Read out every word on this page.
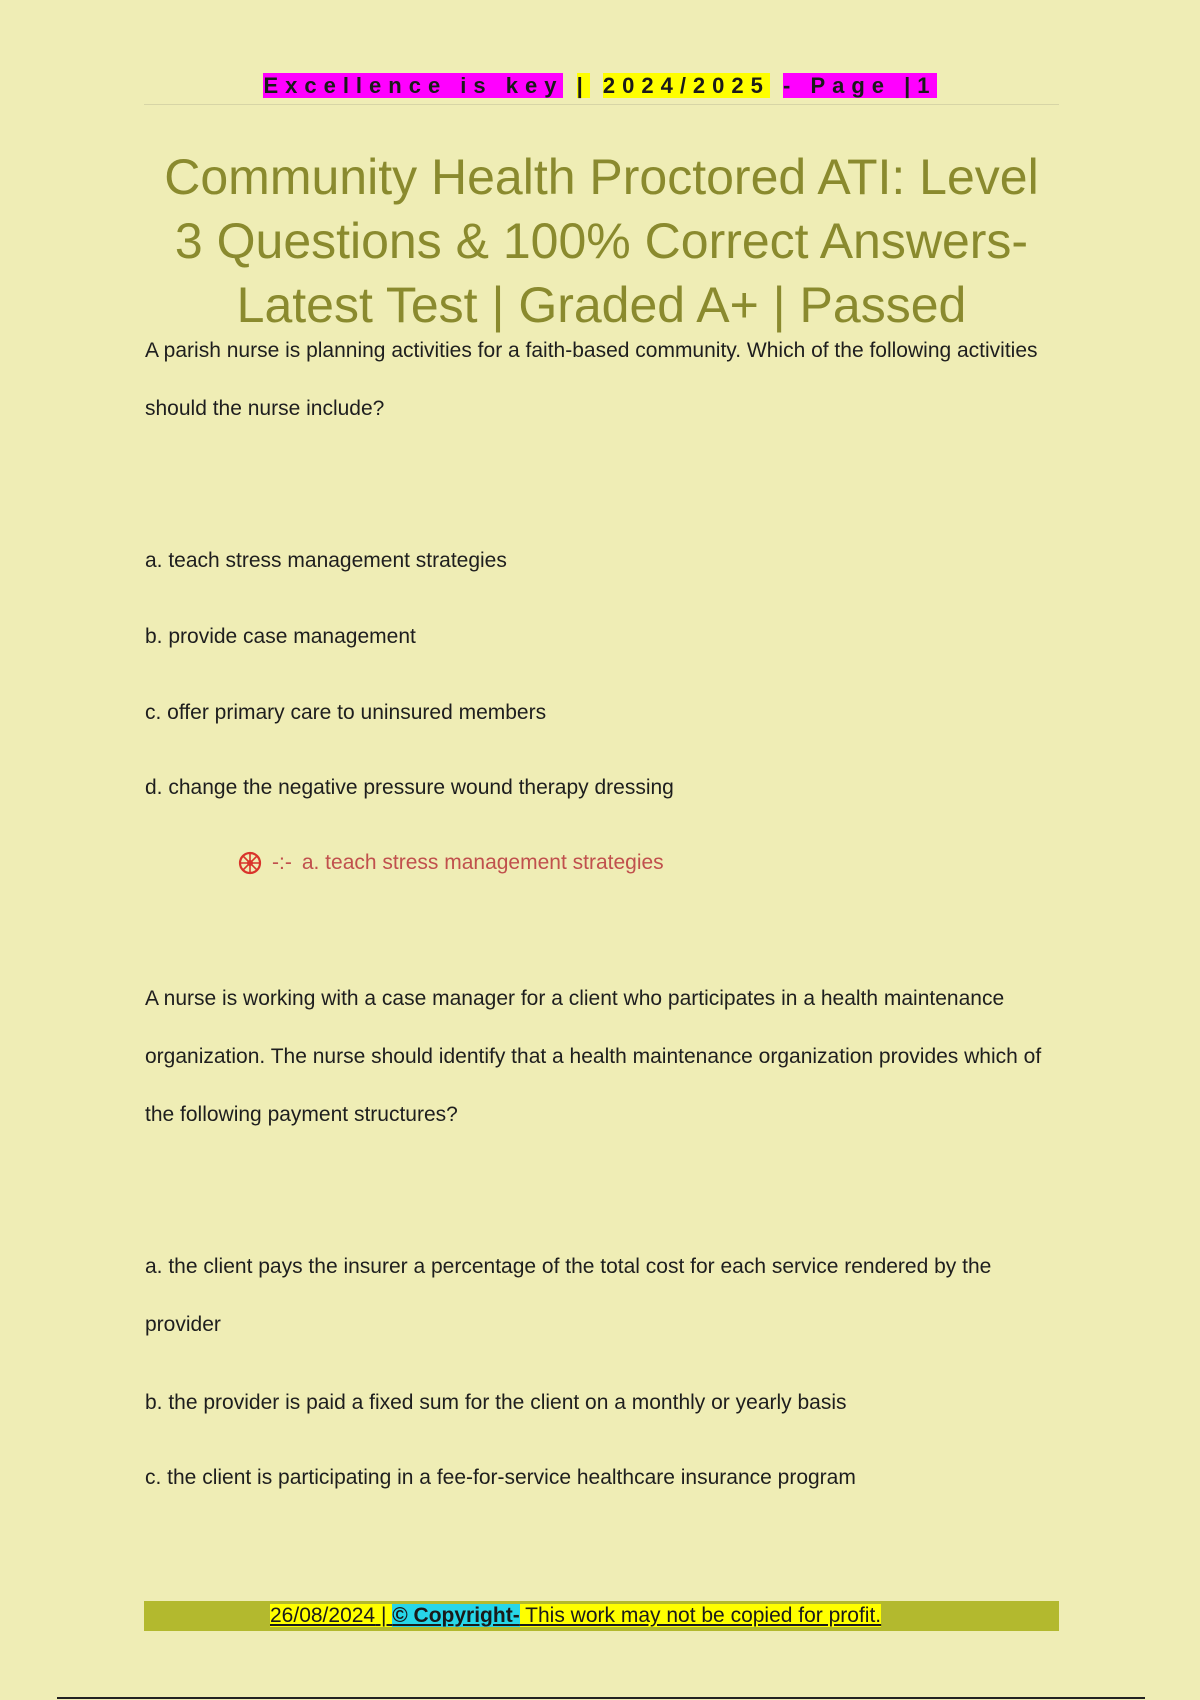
Excellence is key | 2024/2025 - Page |1
Community Health Proctored ATI: Level 3 Questions & 100% Correct Answers- Latest Test | Graded A+ | Passed
A parish nurse is planning activities for a faith-based community. Which of the following activities should the nurse include?
a. teach stress management strategies
b. provide case management
c. offer primary care to uninsured members
d. change the negative pressure wound therapy dressing
-:- a. teach stress management strategies
A nurse is working with a case manager for a client who participates in a health maintenance organization. The nurse should identify that a health maintenance organization provides which of the following payment structures?
a. the client pays the insurer a percentage of the total cost for each service rendered by the provider
b. the provider is paid a fixed sum for the client on a monthly or yearly basis
c. the client is participating in a fee-for-service healthcare insurance program
26/08/2024 | © Copyright- This work may not be copied for profit.
